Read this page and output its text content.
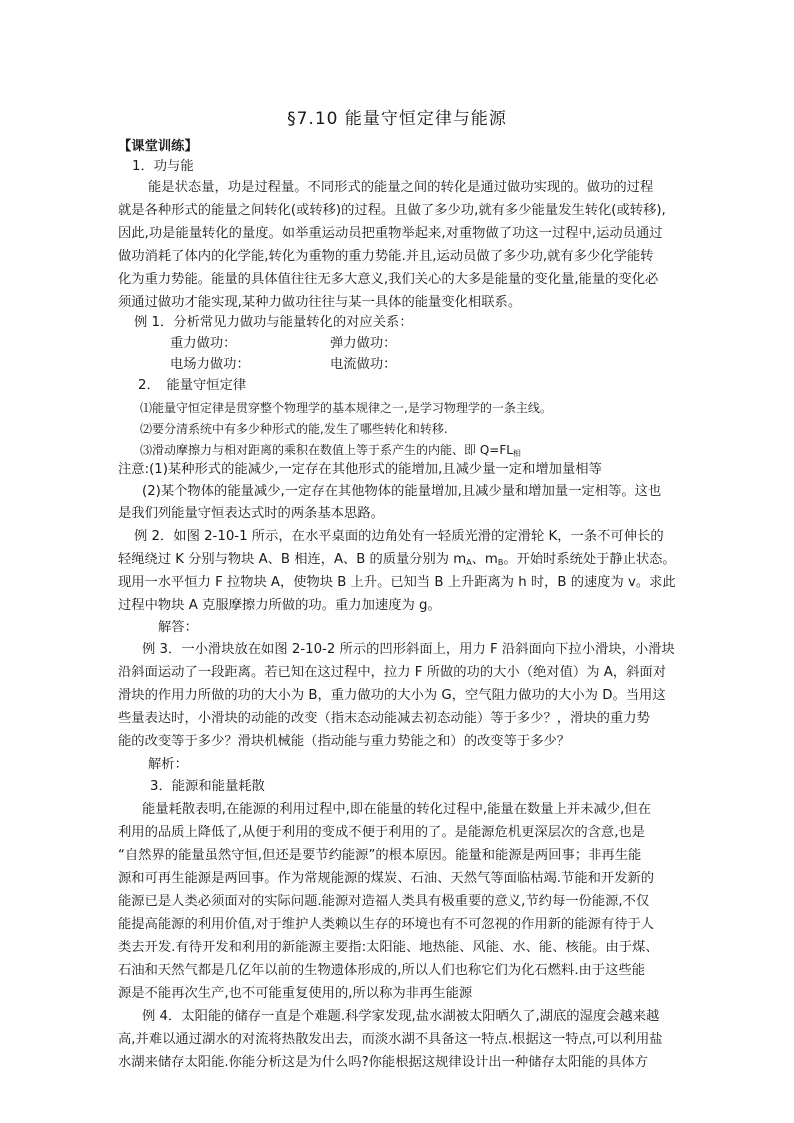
§7.10 能量守恒定律与能源
【课堂训练】
1．功与能
能是状态量，功是过程量。不同形式的能量之间的转化是通过做功实现的。做功的过程
就是各种形式的能量之间转化(或转移)的过程。且做了多少功,就有多少能量发生转化(或转移),
因此,功是能量转化的量度。如举重运动员把重物举起来,对重物做了功这一过程中,运动员通过
做功消耗了体内的化学能,转化为重物的重力势能.并且,运动员做了多少功,就有多少化学能转
化为重力势能。能量的具体值往往无多大意义,我们关心的大多是能量的变化量,能量的变化必
须通过做功才能实现,某种力做功往往与某一具体的能量变化相联系。
例 1．分析常见力做功与能量转化的对应关系：
重力做功：	弹力做功：
电场力做功：	电流做功：
2．　能量守恒定律
⑴能量守恒定律是贯穿整个物理学的基本规律之一,是学习物理学的一条主线。
⑵要分清系统中有多少种形式的能,发生了哪些转化和转移.
⑶滑动摩擦力与相对距离的乘积在数值上等于系产生的内能、即 $Q=FL_相$
注意:(1)某种形式的能减少,一定存在其他形式的能增加,且减少量一定和增加量相等
(2)某个物体的能量减少,一定存在其他物体的能量增加,且减少量和增加量一定相等。这也
是我们列能量守恒表达式时的两条基本思路。
例 2．如图 2-10-1 所示，在水平桌面的边角处有一轻质光滑的定滑轮 K，一条不可伸长的
轻绳绕过 K 分别与物块 A、B 相连，A、B 的质量分别为 $m_A$、$m_B$。开始时系统处于静止状态。
现用一水平恒力 F 拉物块 A，使物块 B 上升。已知当 B 上升距离为 h 时，B 的速度为 v。求此
过程中物块 A 克服摩擦力所做的功。重力加速度为 g。
解答：
例 3．一小滑块放在如图 2-10-2 所示的凹形斜面上，用力 F 沿斜面向下拉小滑块，小滑块
沿斜面运动了一段距离。若已知在这过程中，拉力 F 所做的功的大小（绝对值）为 A，斜面对
滑块的作用力所做的功的大小为 B，重力做功的大小为 G，空气阻力做功的大小为 D。当用这
些量表达时，小滑块的动能的改变（指末态动能减去初态动能）等于多少？，滑块的重力势
能的改变等于多少？滑块机械能（指动能与重力势能之和）的改变等于多少？
解析：
3．能源和能量耗散
能量耗散表明,在能源的利用过程中,即在能量的转化过程中,能量在数量上并未减少,但在
利用的品质上降低了,从便于利用的变成不便于利用的了。是能源危机更深层次的含意,也是
“自然界的能量虽然守恒,但还是要节约能源”的根本原因。能量和能源是两回事；非再生能
源和可再生能源是两回事。作为常规能源的煤炭、石油、天然气等面临枯竭.节能和开发新的
能源已是人类必须面对的实际问题.能源对造福人类具有极重要的意义,节约每一份能源,不仅
能提高能源的利用价值,对于维护人类赖以生存的环境也有不可忽视的作用新的能源有待于人
类去开发.有待开发和利用的新能源主要指:太阳能、地热能、风能、水、能、核能。由于煤、
石油和天然气都是几亿年以前的生物遗体形成的,所以人们也称它们为化石燃料.由于这些能
源是不能再次生产,也不可能重复使用的,所以称为非再生能源
例 4．太阳能的储存一直是个难题.科学家发现,盐水湖被太阳晒久了,湖底的湿度会越来越
高,并难以通过湖水的对流将热散发出去，而淡水湖不具备这一特点.根据这一特点,可以利用盐
水湖来储存太阳能.你能分析这是为什么吗?你能根据这规律设计出一种储存太阳能的具体方
